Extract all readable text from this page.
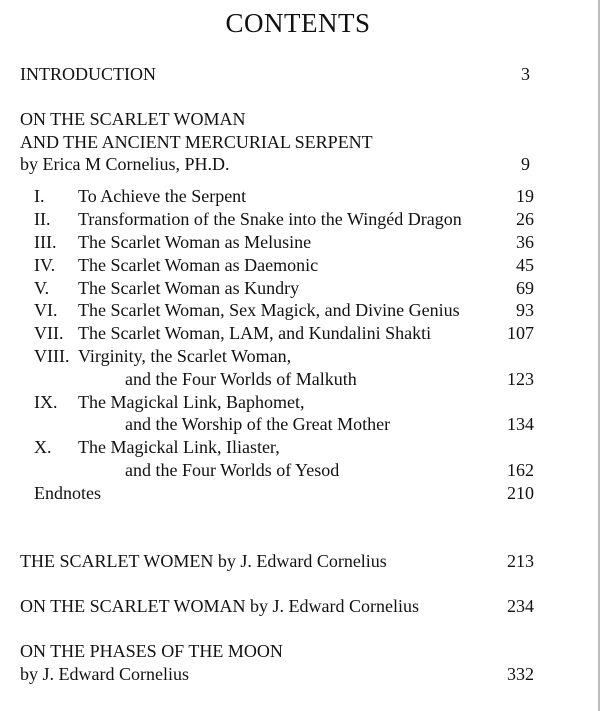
CONTENTS
INTRODUCTION	3
ON THE SCARLET WOMAN
AND THE ANCIENT MERCURIAL SERPENT
by Erica M Cornelius, PH.D.	9
I. To Achieve the Serpent	19
II. Transformation of the Snake into the Wingéd Dragon	26
III. The Scarlet Woman as Melusine	36
IV. The Scarlet Woman as Daemonic	45
V. The Scarlet Woman as Kundry	69
VI. The Scarlet Woman, Sex Magick, and Divine Genius	93
VII. The Scarlet Woman, LAM, and Kundalini Shakti	107
VIII. Virginity, the Scarlet Woman,
and the Four Worlds of Malkuth	123
IX. The Magickal Link, Baphomet,
and the Worship of the Great Mother	134
X. The Magickal Link, Iliaster,
and the Four Worlds of Yesod	162
Endnotes	210
THE SCARLET WOMEN by J. Edward Cornelius	213
ON THE SCARLET WOMAN by J. Edward Cornelius	234
ON THE PHASES OF THE MOON
by J. Edward Cornelius	332
